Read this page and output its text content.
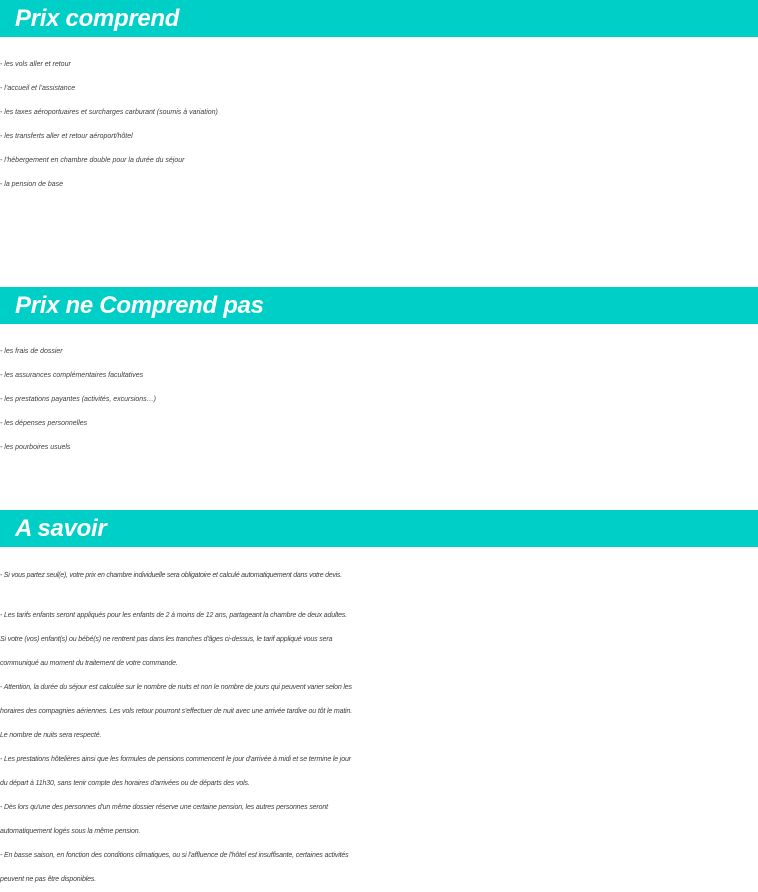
Prix comprend
- les vols aller et retour
- l’accueil et l’assistance
- les taxes aéroportuaires et surcharges carburant (soumis à variation)
- les transferts aller et retour aéroport/hôtel
- l’hébergement en chambre double pour la durée du séjour
- la pension de base
Prix ne Comprend pas
- les frais de dossier
- les assurances complémentaires facultatives
- les prestations payantes (activités, excursions…)
- les dépenses personnelles
- les pourboires usuels
A savoir

- Si vous partez seul(e), votre prix en chambre individuelle sera obligatoire et calculé automatiquement dans votre devis.

- Les tarifs enfants seront appliqués pour les enfants de 2 à moins de 12 ans, partageant la chambre de deux adultes.
Si votre (vos) enfant(s) ou bébé(s) ne rentrent pas dans les tranches d'âges ci-dessus, le tarif appliqué vous sera
communiqué au moment du traitement de votre commande.
- Attention, la durée du séjour est calculée sur le nombre de nuits et non le nombre de jours qui peuvent varier selon les
horaires des compagnies aériennes. Les vols retour pourront s'effectuer de nuit avec une arrivée tardive ou tôt le matin.
Le nombre de nuits sera respecté.
- Les prestations hôtelières ainsi que les formules de pensions commencent le jour d'arrivée à midi et se termine le jour
du départ à 11h30, sans tenir compte des horaires d'arrivées ou de départs des vols.
- Dès lors qu'une des personnes d'un même dossier réserve une certaine pension, les autres personnes seront
automatiquement logés sous la même pension.
- En basse saison, en fonction des conditions climatiques, ou si l'affluence de l'hôtel est insuffisante, certaines activités
peuvent ne pas être disponibles.
